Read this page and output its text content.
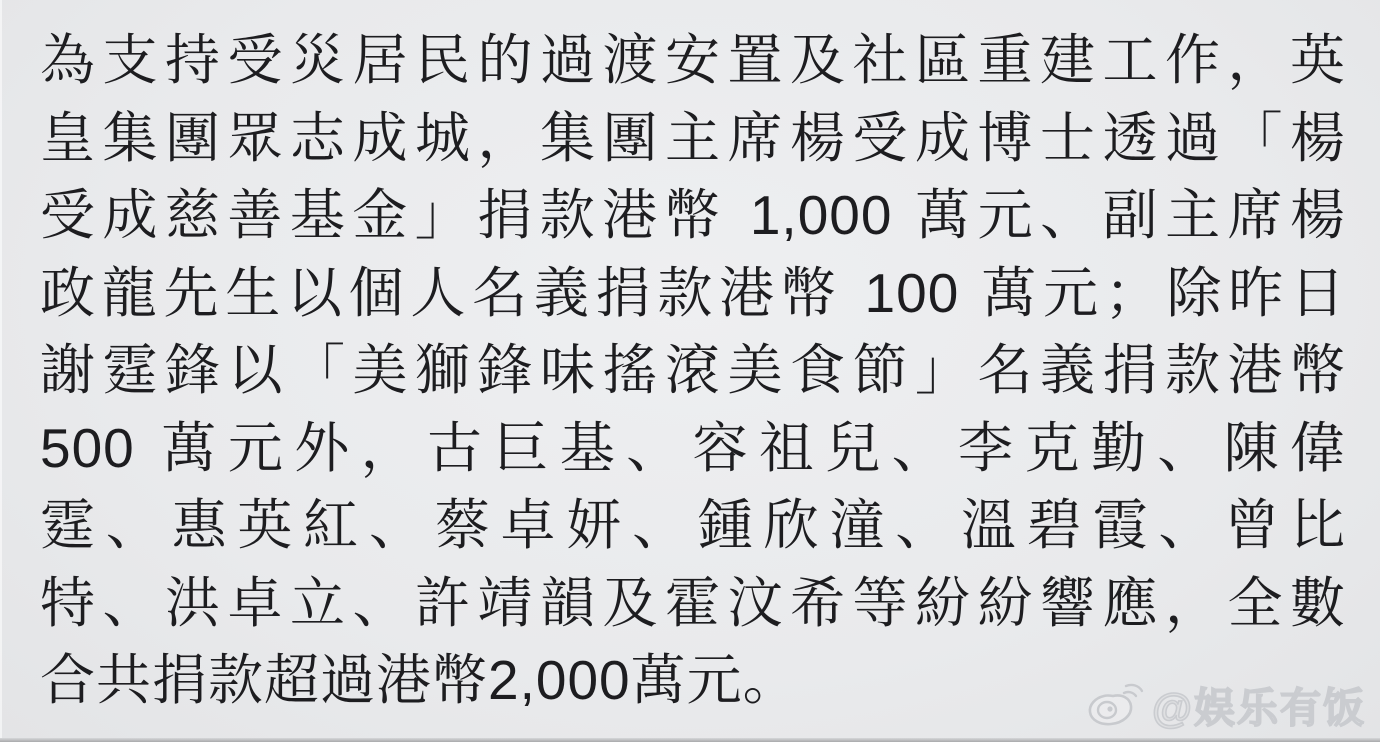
為支持受災居民的過渡安置及社區重建工作，英
皇集團眾志成城，集團主席楊受成博士透過「楊
受成慈善基金」捐款港幣 1,000 萬元、副主席楊
政龍先生以個人名義捐款港幣 100 萬元；除昨日
謝霆鋒以「美獅鋒味搖滾美食節」名義捐款港幣
500 萬元外，古巨基、容祖兒、李克勤、陳偉
霆、惠英紅、蔡卓妍、鍾欣潼、溫碧霞、曾比
特、洪卓立、許靖韻及霍汶希等紛紛響應，全數
合共捐款超過港幣2,000萬元。	@娱乐有饭
